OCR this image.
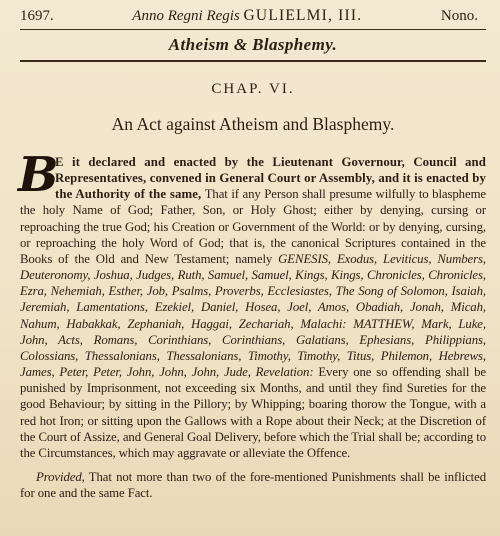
1697.	Anno Regni Regis GULIELMI, III.	Nono.
Atheism & Blasphemy.
CHAP. VI.
An Act against Atheism and Blasphemy.
B
E it declared and enacted by the Lieutenant Governour, Council and Representatives, convened in General Court or Assembly, and it is enacted by the Authority of the same, That if any Person shall presume wilfully to blaspheme the holy Name of God; Father, Son, or Holy Ghost; either by denying, cursing or reproaching the true God; his Creation or Government of the World: or by denying, cursing, or reproaching the holy Word of God; that is, the canonical Scriptures contained in the Books of the Old and New Testament; namely GENESIS, Exodus, Leviticus, Numbers, Deuteronomy, Joshua, Judges, Ruth, Samuel, Samuel, Kings, Kings, Chronicles, Chronicles, Ezra, Nehemiah, Esther, Job, Psalms, Proverbs, Ecclesiastes, The Song of Solomon, Isaiah, Jeremiah, Lamentations, Ezekiel, Daniel, Hosea, Joel, Amos, Obadiah, Jonah, Micah, Nahum, Habakkak, Zephaniah, Haggai, Zechariah, Malachi: MATTHEW, Mark, Luke, John, Acts, Romans, Corinthians, Corinthians, Galatians, Ephesians, Philippians, Colossians, Thessalonians, Thessalonians, Timothy, Timothy, Titus, Philemon, Hebrews, James, Peter, Peter, John, John, John, Jude, Revelation: Every one so offending shall be punished by Imprisonment, not exceeding six Months, and until they find Sureties for the good Behaviour; by sitting in the Pillory; by Whipping; boaring thorow the Tongue, with a red hot Iron; or sitting upon the Gallows with a Rope about their Neck; at the Discretion of the Court of Assize, and General Goal Delivery, before which the Trial shall be; according to the Circumstances, which may aggravate or alleviate the Offence.
Provided, That not more than two of the fore-mentioned Punishments shall be inflicted for one and the same Fact.
